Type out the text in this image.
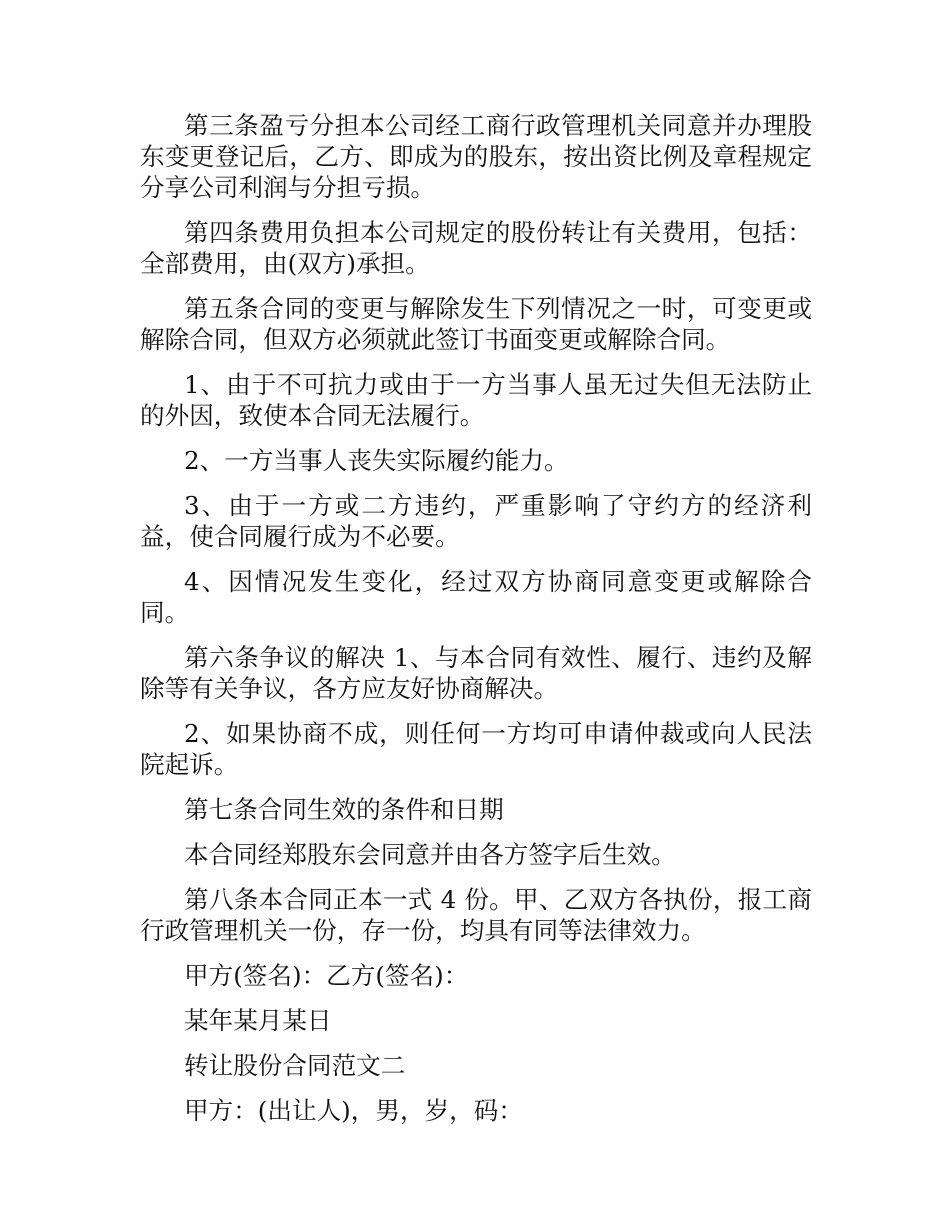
第三条盈亏分担本公司经工商行政管理机关同意并办理股东变更登记后，乙方、即成为的股东，按出资比例及章程规定分享公司利润与分担亏损。

第四条费用负担本公司规定的股份转让有关费用，包括：全部费用，由(双方)承担。

第五条合同的变更与解除发生下列情况之一时，可变更或解除合同，但双方必须就此签订书面变更或解除合同。

1、由于不可抗力或由于一方当事人虽无过失但无法防止的外因，致使本合同无法履行。

2、一方当事人丧失实际履约能力。

3、由于一方或二方违约，严重影响了守约方的经济利益，使合同履行成为不必要。

4、因情况发生变化，经过双方协商同意变更或解除合同。

第六条争议的解决 1、与本合同有效性、履行、违约及解除等有关争议，各方应友好协商解决。

2、如果协商不成，则任何一方均可申请仲裁或向人民法院起诉。

第七条合同生效的条件和日期

本合同经郑股东会同意并由各方签字后生效。

第八条本合同正本一式 4 份。甲、乙双方各执份，报工商行政管理机关一份，存一份，均具有同等法律效力。

甲方(签名)：乙方(签名)：

某年某月某日

转让股份合同范文二

甲方：(出让人)，男，岁，码：
